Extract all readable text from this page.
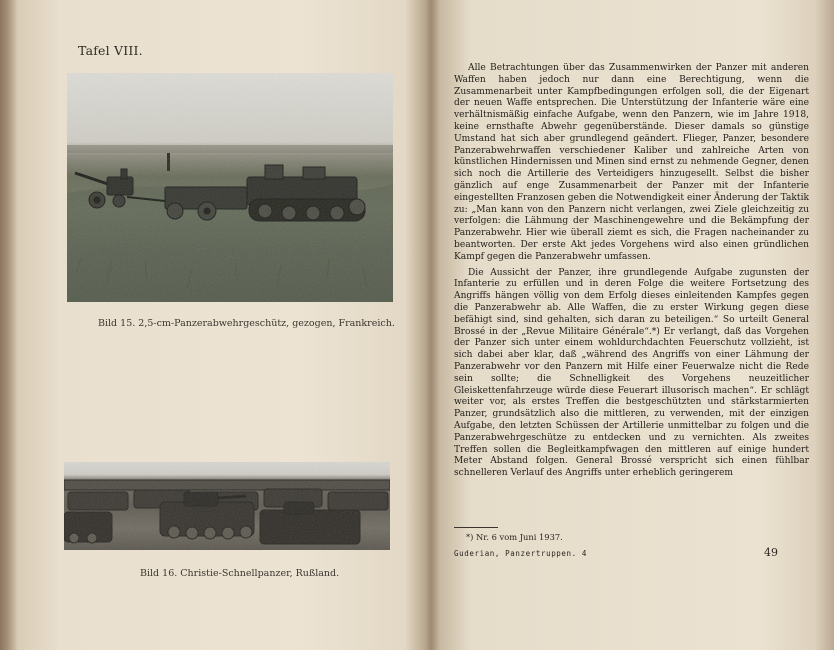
Tafel VIII.
Bild 15. 2,5-cm-Panzerabwehrgeschütz, gezogen, Frankreich.
Bild 16. Christie-Schnellpanzer, Rußland.

Alle Betrachtungen über das Zusammenwirken der Panzer mit anderen Waffen haben jedoch nur dann eine Berechtigung, wenn die Zusammenarbeit unter Kampfbedingungen erfolgen soll, die der Eigenart der neuen Waffe entsprechen. Die Unterstützung der Infanterie wäre eine verhältnismäßig einfache Aufgabe, wenn den Panzern, wie im Jahre 1918, keine ernsthafte Abwehr gegenüberstände. Dieser damals so günstige Umstand hat sich aber grundlegend geändert. Flieger, Panzer, besondere Panzerabwehrwaffen verschiedener Kaliber und zahlreiche Arten von künstlichen Hindernissen und Minen sind ernst zu nehmende Gegner, denen sich noch die Artillerie des Verteidigers hinzugesellt. Selbst die bisher gänzlich auf enge Zusammenarbeit der Panzer mit der Infanterie eingestellten Franzosen geben die Notwendigkeit einer Änderung der Taktik zu: „Man kann von den Panzern nicht verlangen, zwei Ziele gleichzeitig zu verfolgen: die Lähmung der Maschinengewehre und die Bekämpfung der Panzerabwehr. Hier wie überall ziemt es sich, die Fragen nacheinander zu beantworten. Der erste Akt jedes Vorgehens wird also einen gründlichen Kampf gegen die Panzerabwehr umfassen.

Die Aussicht der Panzer, ihre grundlegende Aufgabe zugunsten der Infanterie zu erfüllen und in deren Folge die weitere Fortsetzung des Angriffs hängen völlig von dem Erfolg dieses einleitenden Kampfes gegen die Panzerabwehr ab. Alle Waffen, die zu erster Wirkung gegen diese befähigt sind, sind gehalten, sich daran zu beteiligen.“ So urteilt General Brossé in der „Revue Militaire Générale“.*) Er verlangt, daß das Vorgehen der Panzer sich unter einem wohldurchdachten Feuerschutz vollzieht, ist sich dabei aber klar, daß „während des Angriffs von einer Lähmung der Panzerabwehr vor den Panzern mit Hilfe einer Feuerwalze nicht die Rede sein sollte; die Schnelligkeit des Vorgehens neuzeitlicher Gleiskettenfahrzeuge würde diese Feuerart illusorisch machen“. Er schlägt weiter vor, als erstes Treffen die bestgeschützten und stärkstarmierten Panzer, grundsätzlich also die mittleren, zu verwenden, mit der einzigen Aufgabe, den letzten Schüssen der Artillerie unmittelbar zu folgen und die Panzerabwehrgeschütze zu entdecken und zu vernichten. Als zweites Treffen sollen die Begleitkampfwagen den mittleren auf einige hundert Meter Abstand folgen. General Brossé verspricht sich einen fühlbar schnelleren Verlauf des Angriffs unter erheblich geringerem

*) Nr. 6 vom Juni 1937.
Guderian, Panzertruppen. 4	49
